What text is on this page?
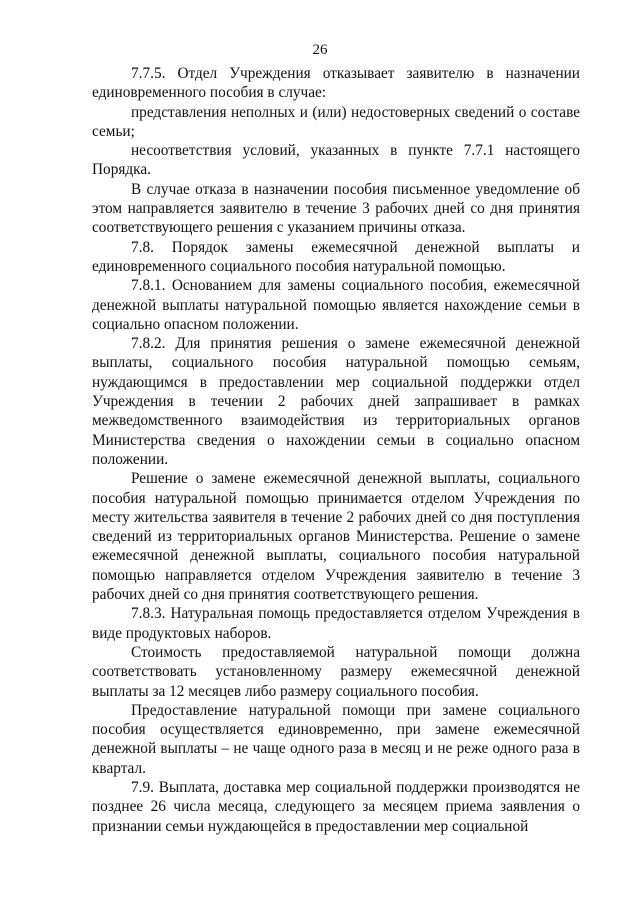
26

7.7.5. Отдел Учреждения отказывает заявителю в назначении единовременного пособия в случае:

представления неполных и (или) недостоверных сведений о составе семьи;

несоответствия условий, указанных в пункте 7.7.1 настоящего Порядка.

В случае отказа в назначении пособия письменное уведомление об этом направляется заявителю в течение 3 рабочих дней со дня принятия соответствующего решения с указанием причины отказа.

7.8. Порядок замены ежемесячной денежной выплаты и единовременного социального пособия натуральной помощью.

7.8.1. Основанием для замены социального пособия, ежемесячной денежной выплаты натуральной помощью является нахождение семьи в социально опасном положении.

7.8.2. Для принятия решения о замене ежемесячной денежной выплаты, социального пособия натуральной помощью семьям, нуждающимся в предоставлении мер социальной поддержки отдел Учреждения в течении 2 рабочих дней запрашивает в рамках межведомственного взаимодействия из территориальных органов Министерства сведения о нахождении семьи в социально опасном положении.

Решение о замене ежемесячной денежной выплаты, социального пособия натуральной помощью принимается отделом Учреждения по месту жительства заявителя в течение 2 рабочих дней со дня поступления сведений из территориальных органов Министерства. Решение о замене ежемесячной денежной выплаты, социального пособия натуральной помощью направляется отделом Учреждения заявителю в течение 3 рабочих дней со дня принятия соответствующего решения.

7.8.3. Натуральная помощь предоставляется отделом Учреждения в виде продуктовых наборов.

Стоимость предоставляемой натуральной помощи должна соответствовать установленному размеру ежемесячной денежной выплаты за 12 месяцев либо размеру социального пособия.

Предоставление натуральной помощи при замене социального пособия осуществляется единовременно, при замене ежемесячной денежной выплаты – не чаще одного раза в месяц и не реже одного раза в квартал.

7.9. Выплата, доставка мер социальной поддержки производятся не позднее 26 числа месяца, следующего за месяцем приема заявления о признании семьи нуждающейся в предоставлении мер социальной
